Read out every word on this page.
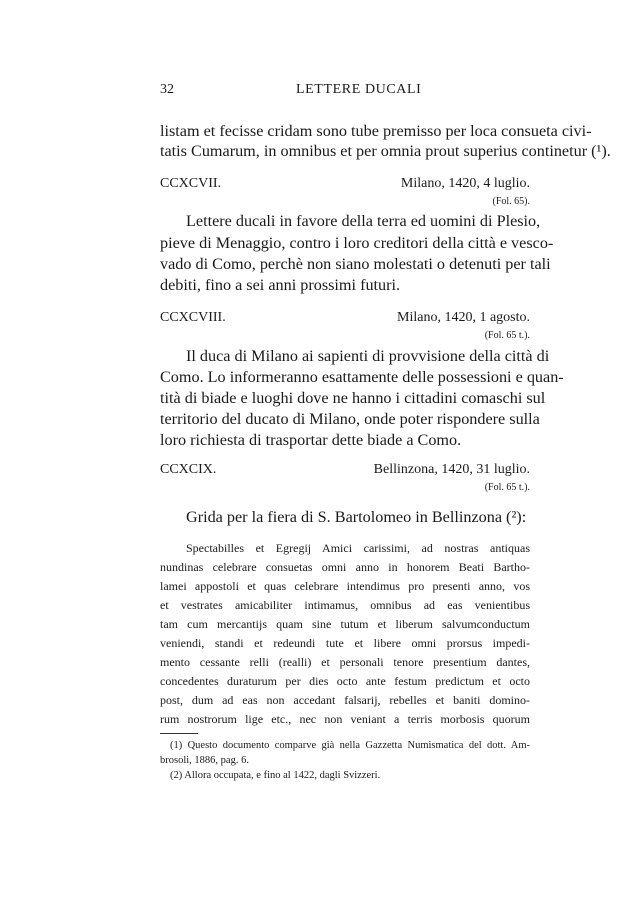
32	LETTERE DUCALI
listam et fecisse cridam sono tube premisso per loca consueta civi-
tatis Cumarum, in omnibus et per omnia prout superius continetur (¹).
CCXCVII.	Milano, 1420, 4 luglio.
(Fol. 65).
Lettere ducali in favore della terra ed uomini di Plesio,
pieve di Menaggio, contro i loro creditori della città e vesco-
vado di Como, perchè non siano molestati o detenuti per tali
debiti, fino a sei anni prossimi futuri.
CCXCVIII.	Milano, 1420, 1 agosto.
(Fol. 65 t.).
Il duca di Milano ai sapienti di provvisione della città di
Como. Lo informeranno esattamente delle possessioni e quan-
tità di biade e luoghi dove ne hanno i cittadini comaschi sul
territorio del ducato di Milano, onde poter rispondere sulla
loro richiesta di trasportar dette biade a Como.
CCXCIX.	Bellinzona, 1420, 31 luglio.
(Fol. 65 t.).
Grida per la fiera di S. Bartolomeo in Bellinzona (²):
Spectabilles et Egregij Amici carissimi, ad nostras antiquas
nundinas celebrare consuetas omni anno in honorem Beati Bartho-
lamei appostoli et quas celebrare intendimus pro presenti anno, vos
et vestrates amicabiliter intimamus, omnibus ad eas venientibus
tam cum mercantijs quam sine tutum et liberum salvumconductum
veniendi, standi et redeundi tute et libere omni prorsus impedi-
mento cessante relli (realli) et personali tenore presentium dantes,
concedentes duraturum per dies octo ante festum predictum et octo
post, dum ad eas non accedant falsarij, rebelles et baniti domino-
rum nostrorum lige etc., nec non veniant a terris morbosis quorum
(1) Questo documento comparve già nella Gazzetta Numismatica del dott. Am-
brosoli, 1886, pag. 6.
(2) Allora occupata, e fino al 1422, dagli Svizzeri.
